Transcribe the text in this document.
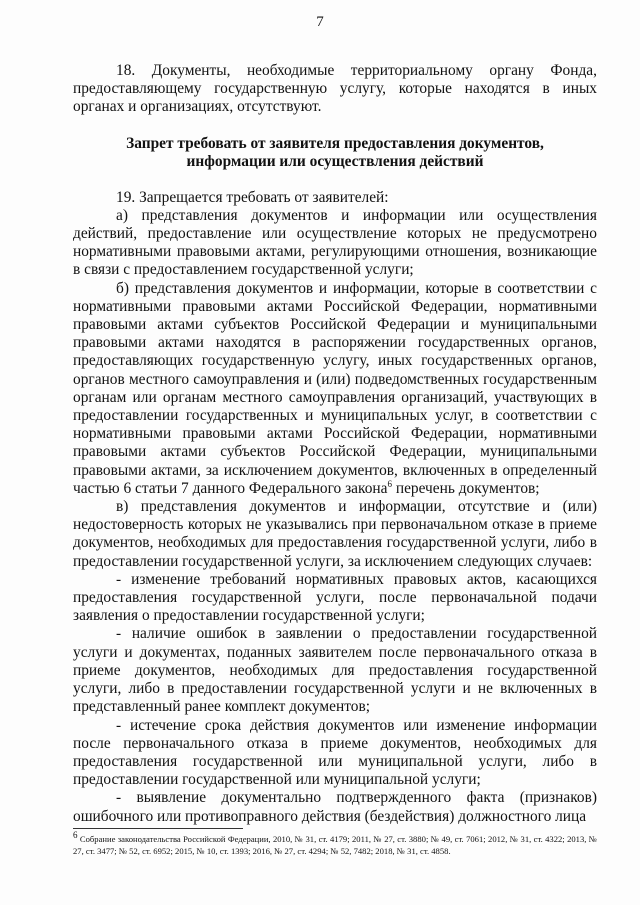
7

18. Документы, необходимые территориальному органу Фонда, предоставляющему государственную услугу, которые находятся в иных органах и организациях, отсутствуют.

Запрет требовать от заявителя предоставления документов,
информации или осуществления действий

19. Запрещается требовать от заявителей:

а) представления документов и информации или осуществления действий, предоставление или осуществление которых не предусмотрено нормативными правовыми актами, регулирующими отношения, возникающие в связи с предоставлением государственной услуги;

б) представления документов и информации, которые в соответствии с нормативными правовыми актами Российской Федерации, нормативными правовыми актами субъектов Российской Федерации и муниципальными правовыми актами находятся в распоряжении государственных органов, предоставляющих государственную услугу, иных государственных органов, органов местного самоуправления и (или) подведомственных государственным органам или органам местного самоуправления организаций, участвующих в предоставлении государственных и муниципальных услуг, в соответствии с нормативными правовыми актами Российской Федерации, нормативными правовыми актами субъектов Российской Федерации, муниципальными правовыми актами, за исключением документов, включенных в определенный частью 6 статьи 7 данного Федерального закона$^6$ перечень документов;

в) представления документов и информации, отсутствие и (или) недостоверность которых не указывались при первоначальном отказе в приеме документов, необходимых для предоставления государственной услуги, либо в предоставлении государственной услуги, за исключением следующих случаев:

- изменение требований нормативных правовых актов, касающихся предоставления государственной услуги, после первоначальной подачи заявления о предоставлении государственной услуги;

- наличие ошибок в заявлении о предоставлении государственной услуги и документах, поданных заявителем после первоначального отказа в приеме документов, необходимых для предоставления государственной услуги, либо в предоставлении государственной услуги и не включенных в представленный ранее комплект документов;

- истечение срока действия документов или изменение информации после первоначального отказа в приеме документов, необходимых для предоставления государственной или муниципальной услуги, либо в предоставлении государственной или муниципальной услуги;

- выявление документально подтвержденного факта (признаков) ошибочного или противоправного действия (бездействия) должностного лица

$^6$ Собрание законодательства Российской Федерации, 2010, № 31, ст. 4179; 2011, № 27, ст. 3880; № 49, ст. 7061; 2012, № 31, ст. 4322; 2013, № 27, ст. 3477; № 52, ст. 6952; 2015, № 10, ст. 1393; 2016, № 27, ст. 4294; № 52, 7482; 2018, № 31, ст. 4858.
